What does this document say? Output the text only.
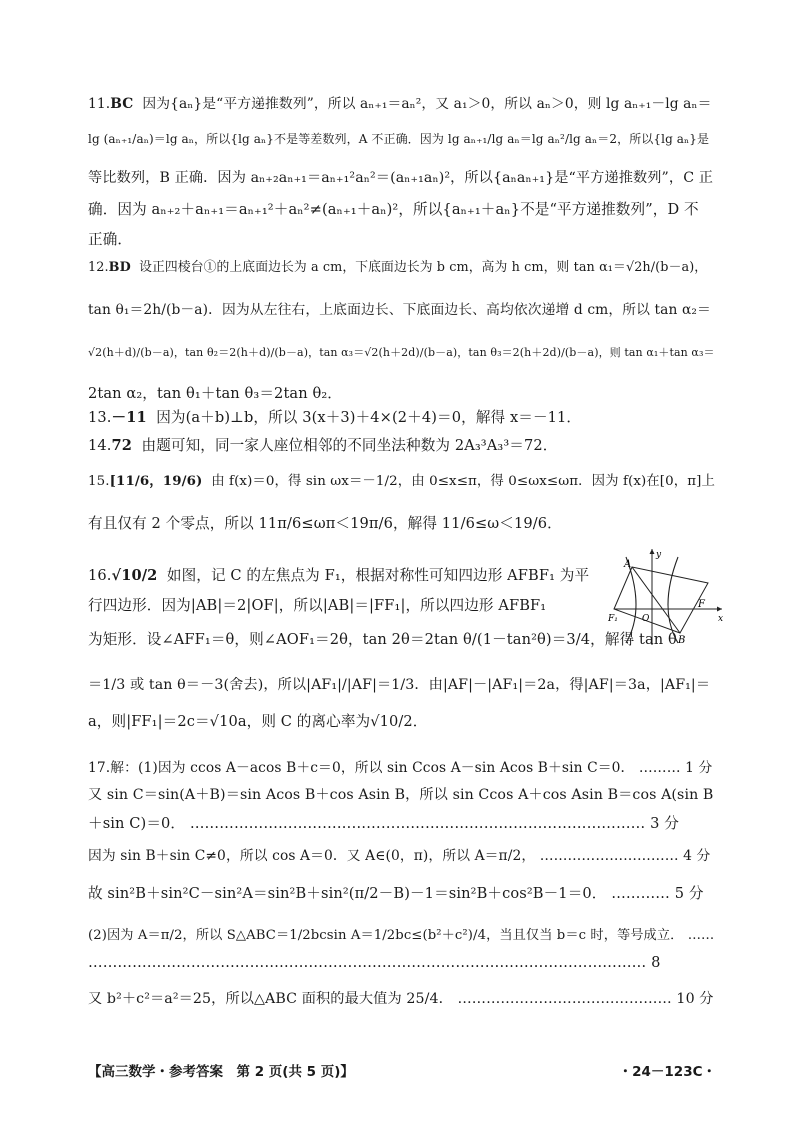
11.BC 因为{aₙ}是“平方递推数列”，所以 aₙ₊₁＝aₙ²，又 a₁＞0，所以 aₙ＞0，则 lg aₙ₊₁－lg aₙ＝
lg (aₙ₊₁/aₙ)＝lg aₙ，所以{lg aₙ}不是等差数列，A 不正确．因为 lg aₙ₊₁/lg aₙ＝lg aₙ²/lg aₙ＝2，所以{lg aₙ}是
等比数列，B 正确．因为 aₙ₊₂aₙ₊₁＝aₙ₊₁²aₙ²＝(aₙ₊₁aₙ)²，所以{aₙaₙ₊₁}是“平方递推数列”，C 正
确．因为 aₙ₊₂＋aₙ₊₁＝aₙ₊₁²＋aₙ²≠(aₙ₊₁＋aₙ)²，所以{aₙ₊₁＋aₙ}不是“平方递推数列”，D 不
正确．
12.BD 设正四棱台①的上底面边长为 a cm，下底面边长为 b cm，高为 h cm，则 tan α₁＝√2h/(b－a)，
tan θ₁＝2h/(b－a)．因为从左往右，上底面边长、下底面边长、高均依次递增 d cm，所以 tan α₂＝
√2(h＋d)/(b－a)，tan θ₂＝2(h＋d)/(b－a)，tan α₃＝√2(h＋2d)/(b－a)，tan θ₃＝2(h＋2d)/(b－a)，则 tan α₁＋tan α₃＝
2tan α₂，tan θ₁＋tan θ₃＝2tan θ₂．
13.－11 因为(a＋b)⊥b，所以 3(x＋3)＋4×(2＋4)＝0，解得 x＝－11．
14.72 由题可知，同一家人座位相邻的不同坐法种数为 2A₃³A₃³＝72．
15.[11/6，19/6) 由 f(x)＝0，得 sin ωx＝－1/2，由 0≤x≤π，得 0≤ωx≤ωπ．因为 f(x)在[0，π]上
有且仅有 2 个零点，所以 11π/6≤ωπ＜19π/6，解得 11/6≤ω＜19/6．
16.√10/2 如图，记 C 的左焦点为 F₁，根据对称性可知四边形 AFBF₁ 为平
行四边形．因为|AB|＝2|OF|，所以|AB|＝|FF₁|，所以四边形 AFBF₁
为矩形．设∠AFF₁＝θ，则∠AOF₁＝2θ，tan 2θ＝2tan θ/(1－tan²θ)＝3/4，解得 tan θ
＝1/3 或 tan θ＝－3(舍去)，所以|AF₁|/|AF|＝1/3．由|AF|－|AF₁|＝2a，得|AF|＝3a，|AF₁|＝
a，则|FF₁|＝2c＝√10a，则 C 的离心率为√10/2．
y
x
A
B
O
F
F₁
17.解：(1)因为 ccos A－acos B＋c＝0，所以 sin Ccos A－sin Acos B＋sin C＝0． ……… 1 分
又 sin C＝sin(A＋B)＝sin Acos B＋cos Asin B，所以 sin Ccos A＋cos Asin B＝cos A(sin B
＋sin C)＝0． ………………………………………………………………………………… 3 分
因为 sin B＋sin C≠0，所以 cos A＝0．又 A∈(0，π)，所以 A＝π/2， ………………………… 4 分
故 sin²B＋sin²C－sin²A＝sin²B＋sin²(π/2－B)－1＝sin²B＋cos²B－1＝0． ………… 5 分
(2)因为 A＝π/2，所以 S△ABC＝1/2bcsin A＝1/2bc≤(b²＋c²)/4，当且仅当 b＝c 时，等号成立． ……
…………………………………………………………………………………………………… 8
又 b²＋c²＝a²＝25，所以△ABC 面积的最大值为 25/4． ……………………………………… 10 分
【高三数学・参考答案　第 2 页(共 5 页)】	・24－123C・
